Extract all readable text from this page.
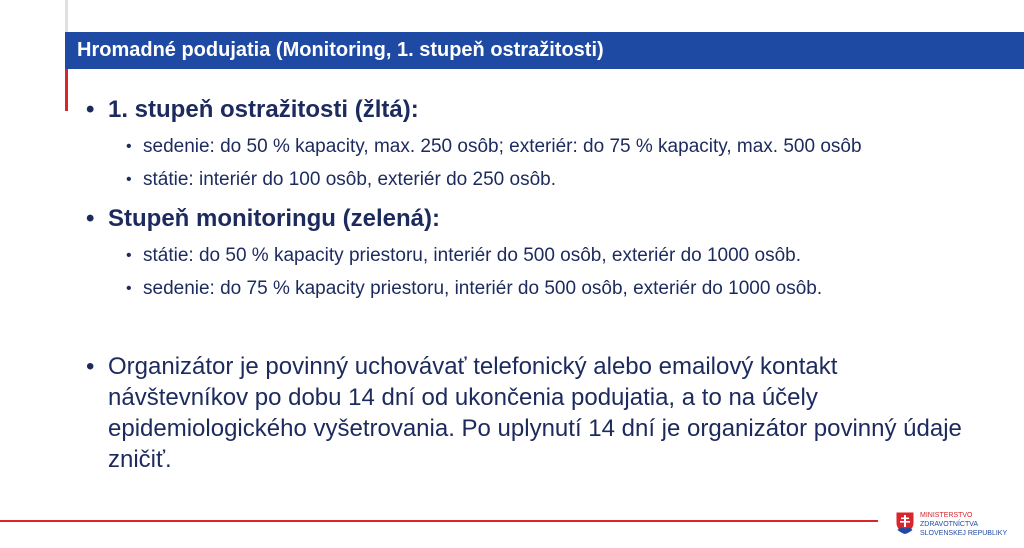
Hromadné podujatia (Monitoring, 1. stupeň ostražitosti)
• 1. stupeň ostražitosti (žltá):
• sedenie: do 50 % kapacity, max. 250 osôb; exteriér: do 75 % kapacity, max. 500 osôb
• státie: interiér do 100 osôb, exteriér do 250 osôb.
• Stupeň monitoringu (zelená):
• státie: do 50 % kapacity priestoru, interiér do 500 osôb, exteriér do 1000 osôb.
• sedenie: do 75 % kapacity priestoru, interiér do 500 osôb, exteriér do 1000 osôb.
• Organizátor je povinný uchovávať telefonický alebo emailový kontakt návštevníkov po dobu 14 dní od ukončenia podujatia, a to na účely epidemiologického vyšetrovania. Po uplynutí 14 dní je organizátor povinný údaje zničiť.
MINISTERSTVO
ZDRAVOTNÍCTVA
SLOVENSKEJ REPUBLIKY
